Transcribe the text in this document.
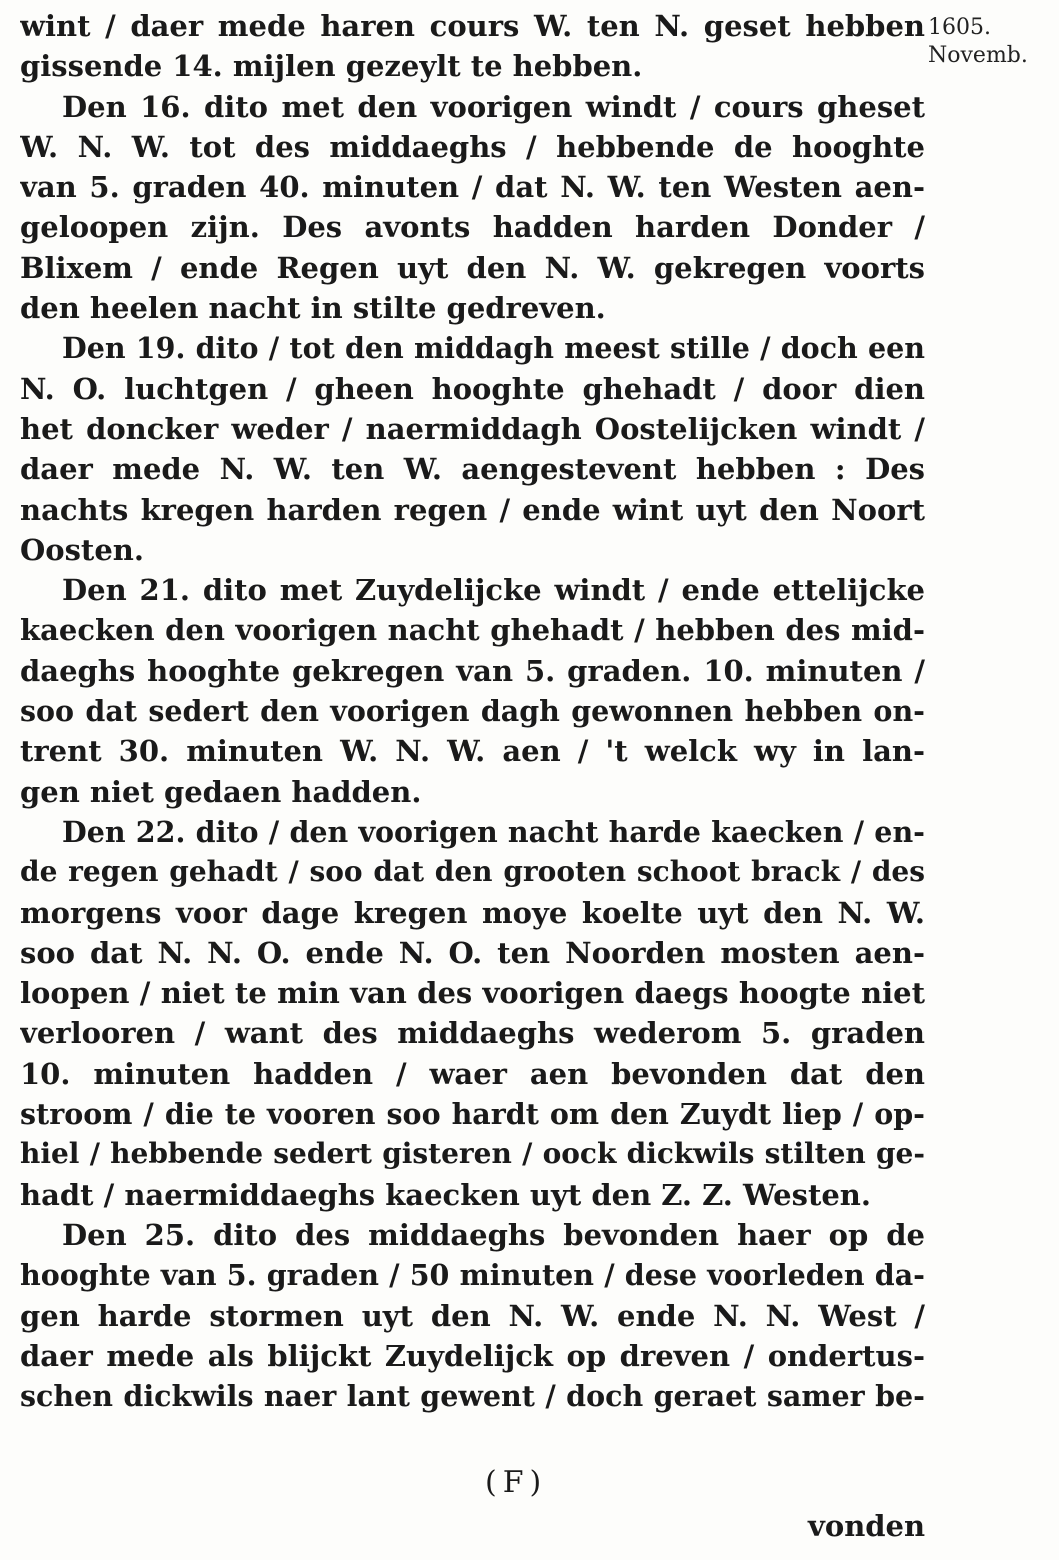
1605.
Novemb.
wint / daer mede haren cours W. ten N. geset hebben
gissende 14. mijlen gezeylt te hebben.
Den 16. dito met den voorigen windt / cours gheset
W. N. W. tot des middaeghs / hebbende de hooghte
van 5. graden 40. minuten / dat N. W. ten Westen aen-
geloopen zijn. Des avonts hadden harden Donder /
Blixem / ende Regen uyt den N. W. gekregen voorts
den heelen nacht in stilte gedreven.
Den 19. dito / tot den middagh meest stille / doch een
N. O. luchtgen / gheen hooghte ghehadt / door dien
het doncker weder / naermiddagh Oostelijcken windt /
daer mede N. W. ten W. aengestevent hebben : Des
nachts kregen harden regen / ende wint uyt den Noort
Oosten.
Den 21. dito met Zuydelijcke windt / ende ettelijcke
kaecken den voorigen nacht ghehadt / hebben des mid-
daeghs hooghte gekregen van 5. graden. 10. minuten /
soo dat sedert den voorigen dagh gewonnen hebben on-
trent 30. minuten W. N. W. aen / 't welck wy in lan-
gen niet gedaen hadden.
Den 22. dito / den voorigen nacht harde kaecken / en-
de regen gehadt / soo dat den grooten schoot brack / des
morgens voor dage kregen moye koelte uyt den N. W.
soo dat N. N. O. ende N. O. ten Noorden mosten aen-
loopen / niet te min van des voorigen daegs hoogte niet
verlooren / want des middaeghs wederom 5. graden
10. minuten hadden / waer aen bevonden dat den
stroom / die te vooren soo hardt om den Zuydt liep / op-
hiel / hebbende sedert gisteren / oock dickwils stilten ge-
hadt / naermiddaeghs kaecken uyt den Z. Z. Westen.
Den 25. dito des middaeghs bevonden haer op de
hooghte van 5. graden / 50 minuten / dese voorleden da-
gen harde stormen uyt den N. W. ende N. N. West /
daer mede als blijckt Zuydelijck op dreven / ondertus-
schen dickwils naer lant gewent / doch geraet samer be-
(F)
vonden
